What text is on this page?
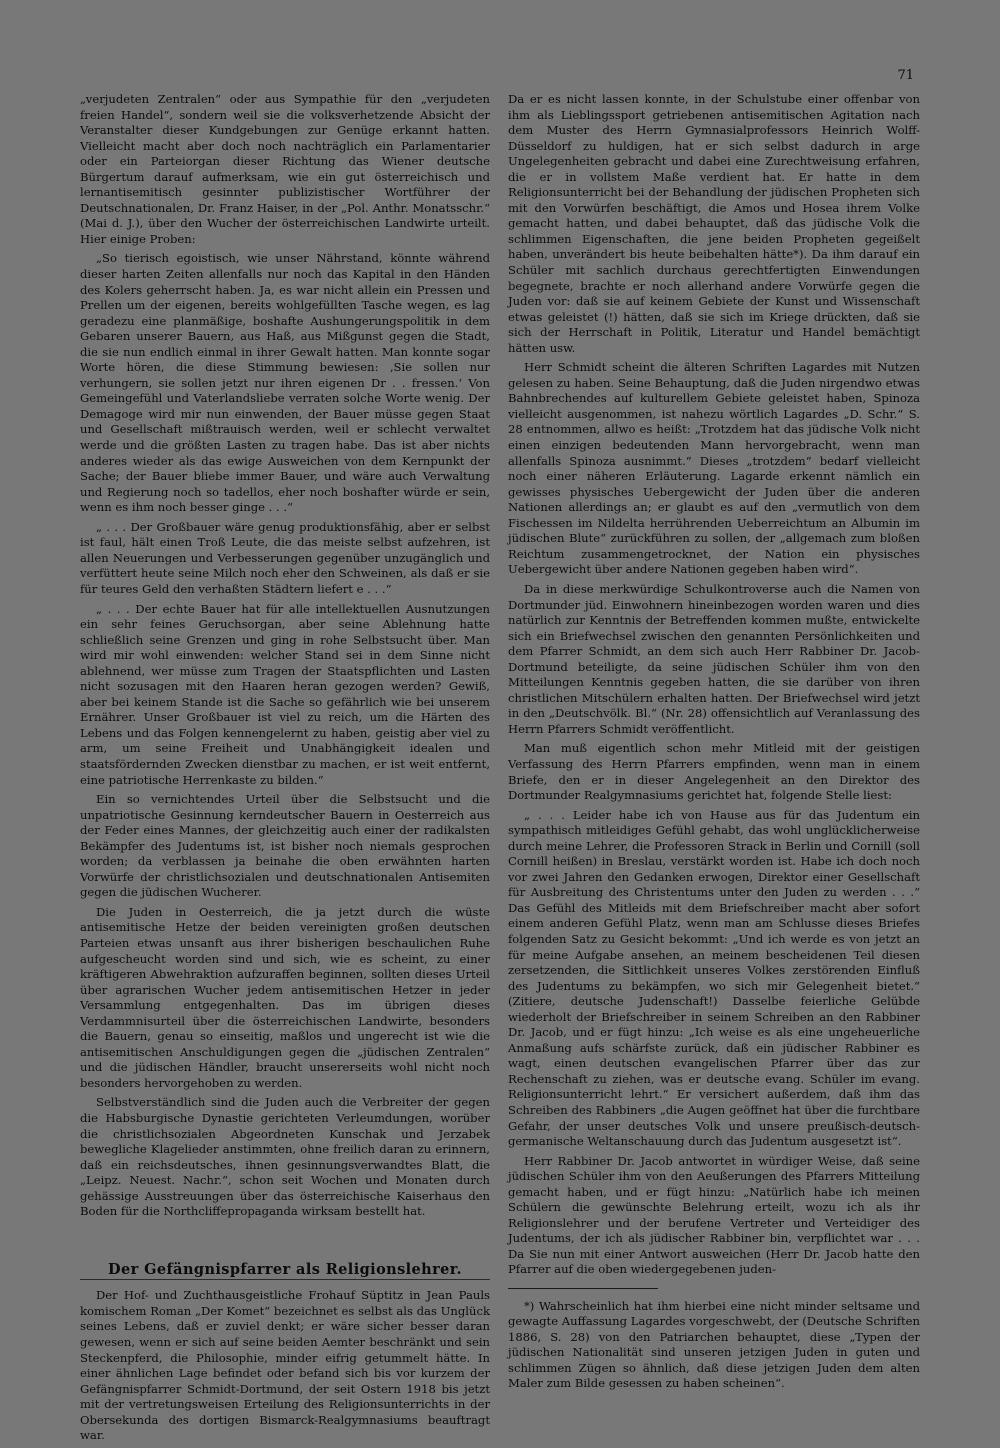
71

„verjudeten Zentralen“ oder aus Sympathie für den „verjudeten freien Handel“, sondern weil sie die volksverhetzende Absicht der Veranstalter dieser Kundgebungen zur Genüge erkannt hatten. Vielleicht macht aber doch noch nachträglich ein Parlamentarier oder ein Parteiorgan dieser Richtung das Wiener deutsche Bürgertum darauf aufmerksam, wie ein gut österreichisch und lernantisemitisch gesinnter publizistischer Wortführer der Deutschnationalen, Dr. Franz Haiser, in der „Pol. Anthr. Monatsschr.“ (Mai d. J.), über den Wucher der österreichischen Landwirte urteilt. Hier einige Proben:

„So tierisch egoistisch, wie unser Nährstand, könnte während dieser harten Zeiten allenfalls nur noch das Kapital in den Händen des Kolers geherrscht haben. Ja, es war nicht allein ein Pressen und Prellen um der eigenen, bereits wohlgefüllten Tasche wegen, es lag geradezu eine planmäßige, boshafte Aushungerungspolitik in dem Gebaren unserer Bauern, aus Haß, aus Mißgunst gegen die Stadt, die sie nun endlich einmal in ihrer Gewalt hatten. Man konnte sogar Worte hören, die diese Stimmung bewiesen: ‚Sie sollen nur verhungern, sie sollen jetzt nur ihren eigenen Dr . . fressen.‘ Von Gemeingefühl und Vaterlandsliebe verraten solche Worte wenig. Der Demagoge wird mir nun einwenden, der Bauer müsse gegen Staat und Gesellschaft mißtrauisch werden, weil er schlecht verwaltet werde und die größten Lasten zu tragen habe. Das ist aber nichts anderes wieder als das ewige Ausweichen von dem Kernpunkt der Sache; der Bauer bliebe immer Bauer, und wäre auch Verwaltung und Regierung noch so tadellos, eher noch boshafter würde er sein, wenn es ihm noch besser ginge . . .“

„ . . . Der Großbauer wäre genug produktionsfähig, aber er selbst ist faul, hält einen Troß Leute, die das meiste selbst aufzehren, ist allen Neuerungen und Verbesserungen gegenüber unzugänglich und verfüttert heute seine Milch noch eher den Schweinen, als daß er sie für teures Geld den verhaßten Städtern liefert e . . .“

„ . . . Der echte Bauer hat für alle intellektuellen Ausnutzungen ein sehr feines Geruchsorgan, aber seine Ablehnung hatte schließlich seine Grenzen und ging in rohe Selbstsucht über. Man wird mir wohl einwenden: welcher Stand sei in dem Sinne nicht ablehnend, wer müsse zum Tragen der Staatspflichten und Lasten nicht sozusagen mit den Haaren heran gezogen werden? Gewiß, aber bei keinem Stande ist die Sache so gefährlich wie bei unserem Ernährer. Unser Großbauer ist viel zu reich, um die Härten des Lebens und das Folgen kennengelernt zu haben, geistig aber viel zu arm, um seine Freiheit und Unabhängigkeit idealen und staatsfördernden Zwecken dienstbar zu machen, er ist weit entfernt, eine patriotische Herrenkaste zu bilden.“

Ein so vernichtendes Urteil über die Selbstsucht und die unpatriotische Gesinnung kerndeutscher Bauern in Oesterreich aus der Feder eines Mannes, der gleichzeitig auch einer der radikalsten Bekämpfer des Judentums ist, ist bisher noch niemals gesprochen worden; da verblassen ja beinahe die oben erwähnten harten Vorwürfe der christlichsozialen und deutschnationalen Antisemiten gegen die jüdischen Wucherer.

Die Juden in Oesterreich, die ja jetzt durch die wüste antisemitische Hetze der beiden vereinigten großen deutschen Parteien etwas unsanft aus ihrer bisherigen beschaulichen Ruhe aufgescheucht worden sind und sich, wie es scheint, zu einer kräftigeren Abwehraktion aufzuraffen beginnen, sollten dieses Urteil über agrarischen Wucher jedem antisemitischen Hetzer in jeder Versammlung entgegenhalten. Das im übrigen dieses Verdammnisurteil über die österreichischen Landwirte, besonders die Bauern, genau so einseitig, maßlos und ungerecht ist wie die antisemitischen Anschuldigungen gegen die „jüdischen Zentralen“ und die jüdischen Händler, braucht unsererseits wohl nicht noch besonders hervorgehoben zu werden.

Selbstverständlich sind die Juden auch die Verbreiter der gegen die Habsburgische Dynastie gerichteten Verleumdungen, worüber die christlichsozialen Abgeordneten Kunschak und Jerzabek bewegliche Klagelieder anstimmten, ohne freilich daran zu erinnern, daß ein reichsdeutsches, ihnen gesinnungsverwandtes Blatt, die „Leipz. Neuest. Nachr.“, schon seit Wochen und Monaten durch gehässige Ausstreuungen über das österreichische Kaiserhaus den Boden für die Northcliffepropaganda wirksam bestellt hat.

Der Gefängnispfarrer als Religionslehrer.

Der Hof- und Zuchthausgeistliche Frohauf Süptitz in Jean Pauls komischem Roman „Der Komet“ bezeichnet es selbst als das Unglück seines Lebens, daß er zuviel denkt; er wäre sicher besser daran gewesen, wenn er sich auf seine beiden Aemter beschränkt und sein Steckenpferd, die Philosophie, minder eifrig getummelt hätte. In einer ähnlichen Lage befindet oder befand sich bis vor kurzem der Gefängnispfarrer Schmidt-Dortmund, der seit Ostern 1918 bis jetzt mit der vertretungsweisen Erteilung des Religionsunterrichts in der Obersekunda des dortigen Bismarck-Realgymnasiums beauftragt war.

Da er es nicht lassen konnte, in der Schulstube einer offenbar von ihm als Lieblingssport getriebenen antisemitischen Agitation nach dem Muster des Herrn Gymnasialprofessors Heinrich Wolff-Düsseldorf zu huldigen, hat er sich selbst dadurch in arge Ungelegenheiten gebracht und dabei eine Zurechtweisung erfahren, die er in vollstem Maße verdient hat. Er hatte in dem Religionsunterricht bei der Behandlung der jüdischen Propheten sich mit den Vorwürfen beschäftigt, die Amos und Hosea ihrem Volke gemacht hatten, und dabei behauptet, daß das jüdische Volk die schlimmen Eigenschaften, die jene beiden Propheten gegeißelt haben, unverändert bis heute beibehalten hätte*). Da ihm darauf ein Schüler mit sachlich durchaus gerechtfertigten Einwendungen begegnete, brachte er noch allerhand andere Vorwürfe gegen die Juden vor: daß sie auf keinem Gebiete der Kunst und Wissenschaft etwas geleistet (!) hätten, daß sie sich im Kriege drückten, daß sie sich der Herrschaft in Politik, Literatur und Handel bemächtigt hätten usw.

Herr Schmidt scheint die älteren Schriften Lagardes mit Nutzen gelesen zu haben. Seine Behauptung, daß die Juden nirgendwo etwas Bahnbrechendes auf kulturellem Gebiete geleistet haben, Spinoza vielleicht ausgenommen, ist nahezu wörtlich Lagardes „D. Schr.“ S. 28 entnommen, allwo es heißt: „Trotzdem hat das jüdische Volk nicht einen einzigen bedeutenden Mann hervorgebracht, wenn man allenfalls Spinoza ausnimmt.“ Dieses „trotzdem“ bedarf vielleicht noch einer näheren Erläuterung. Lagarde erkennt nämlich ein gewisses physisches Uebergewicht der Juden über die anderen Nationen allerdings an; er glaubt es auf den „vermutlich von dem Fischessen im Nildelta herrührenden Ueberreichtum an Albumin im jüdischen Blute“ zurückführen zu sollen, der „allgemach zum bloßen Reichtum zusammengetrocknet, der Nation ein physisches Uebergewicht über andere Nationen gegeben haben wird“.

Da in diese merkwürdige Schulkontroverse auch die Namen von Dortmunder jüd. Einwohnern hineinbezogen worden waren und dies natürlich zur Kenntnis der Betreffenden kommen mußte, entwickelte sich ein Briefwechsel zwischen den genannten Persönlichkeiten und dem Pfarrer Schmidt, an dem sich auch Herr Rabbiner Dr. Jacob-Dortmund beteiligte, da seine jüdischen Schüler ihm von den Mitteilungen Kenntnis gegeben hatten, die sie darüber von ihren christlichen Mitschülern erhalten hatten. Der Briefwechsel wird jetzt in den „Deutschvölk. Bl.“ (Nr. 28) offensichtlich auf Veranlassung des Herrn Pfarrers Schmidt veröffentlicht.

Man muß eigentlich schon mehr Mitleid mit der geistigen Verfassung des Herrn Pfarrers empfinden, wenn man in einem Briefe, den er in dieser Angelegenheit an den Direktor des Dortmunder Realgymnasiums gerichtet hat, folgende Stelle liest:

„ . . . Leider habe ich von Hause aus für das Judentum ein sympathisch mitleidiges Gefühl gehabt, das wohl unglücklicherweise durch meine Lehrer, die Professoren Strack in Berlin und Cornill (soll Cornill heißen) in Breslau, verstärkt worden ist. Habe ich doch noch vor zwei Jahren den Gedanken erwogen, Direktor einer Gesellschaft für Ausbreitung des Christentums unter den Juden zu werden . . .“ Das Gefühl des Mitleids mit dem Briefschreiber macht aber sofort einem anderen Gefühl Platz, wenn man am Schlusse dieses Briefes folgenden Satz zu Gesicht bekommt: „Und ich werde es von jetzt an für meine Aufgabe ansehen, an meinem bescheidenen Teil diesen zersetzenden, die Sittlichkeit unseres Volkes zerstörenden Einfluß des Judentums zu bekämpfen, wo sich mir Gelegenheit bietet.“ (Zitiere, deutsche Judenschaft!) Dasselbe feierliche Gelübde wiederholt der Briefschreiber in seinem Schreiben an den Rabbiner Dr. Jacob, und er fügt hinzu: „Ich weise es als eine ungeheuerliche Anmaßung aufs schärfste zurück, daß ein jüdischer Rabbiner es wagt, einen deutschen evangelischen Pfarrer über das zur Rechenschaft zu ziehen, was er deutsche evang. Schüler im evang. Religionsunterricht lehrt.“ Er versichert außerdem, daß ihm das Schreiben des Rabbiners „die Augen geöffnet hat über die furchtbare Gefahr, der unser deutsches Volk und unsere preußisch-deutsch-germanische Weltanschauung durch das Judentum ausgesetzt ist“.

Herr Rabbiner Dr. Jacob antwortet in würdiger Weise, daß seine jüdischen Schüler ihm von den Aeußerungen des Pfarrers Mitteilung gemacht haben, und er fügt hinzu: „Natürlich habe ich meinen Schülern die gewünschte Belehrung erteilt, wozu ich als ihr Religionslehrer und der berufene Vertreter und Verteidiger des Judentums, der ich als jüdischer Rabbiner bin, verpflichtet war . . . Da Sie nun mit einer Antwort ausweichen (Herr Dr. Jacob hatte den Pfarrer auf die oben wiedergegebenen juden-

*) Wahrscheinlich hat ihm hierbei eine nicht minder seltsame und gewagte Auffassung Lagardes vorgeschwebt, der (Deutsche Schriften 1886, S. 28) von den Patriarchen behauptet, diese „Typen der jüdischen Nationalität sind unseren jetzigen Juden in guten und schlimmen Zügen so ähnlich, daß diese jetzigen Juden dem alten Maler zum Bilde gesessen zu haben scheinen“.
